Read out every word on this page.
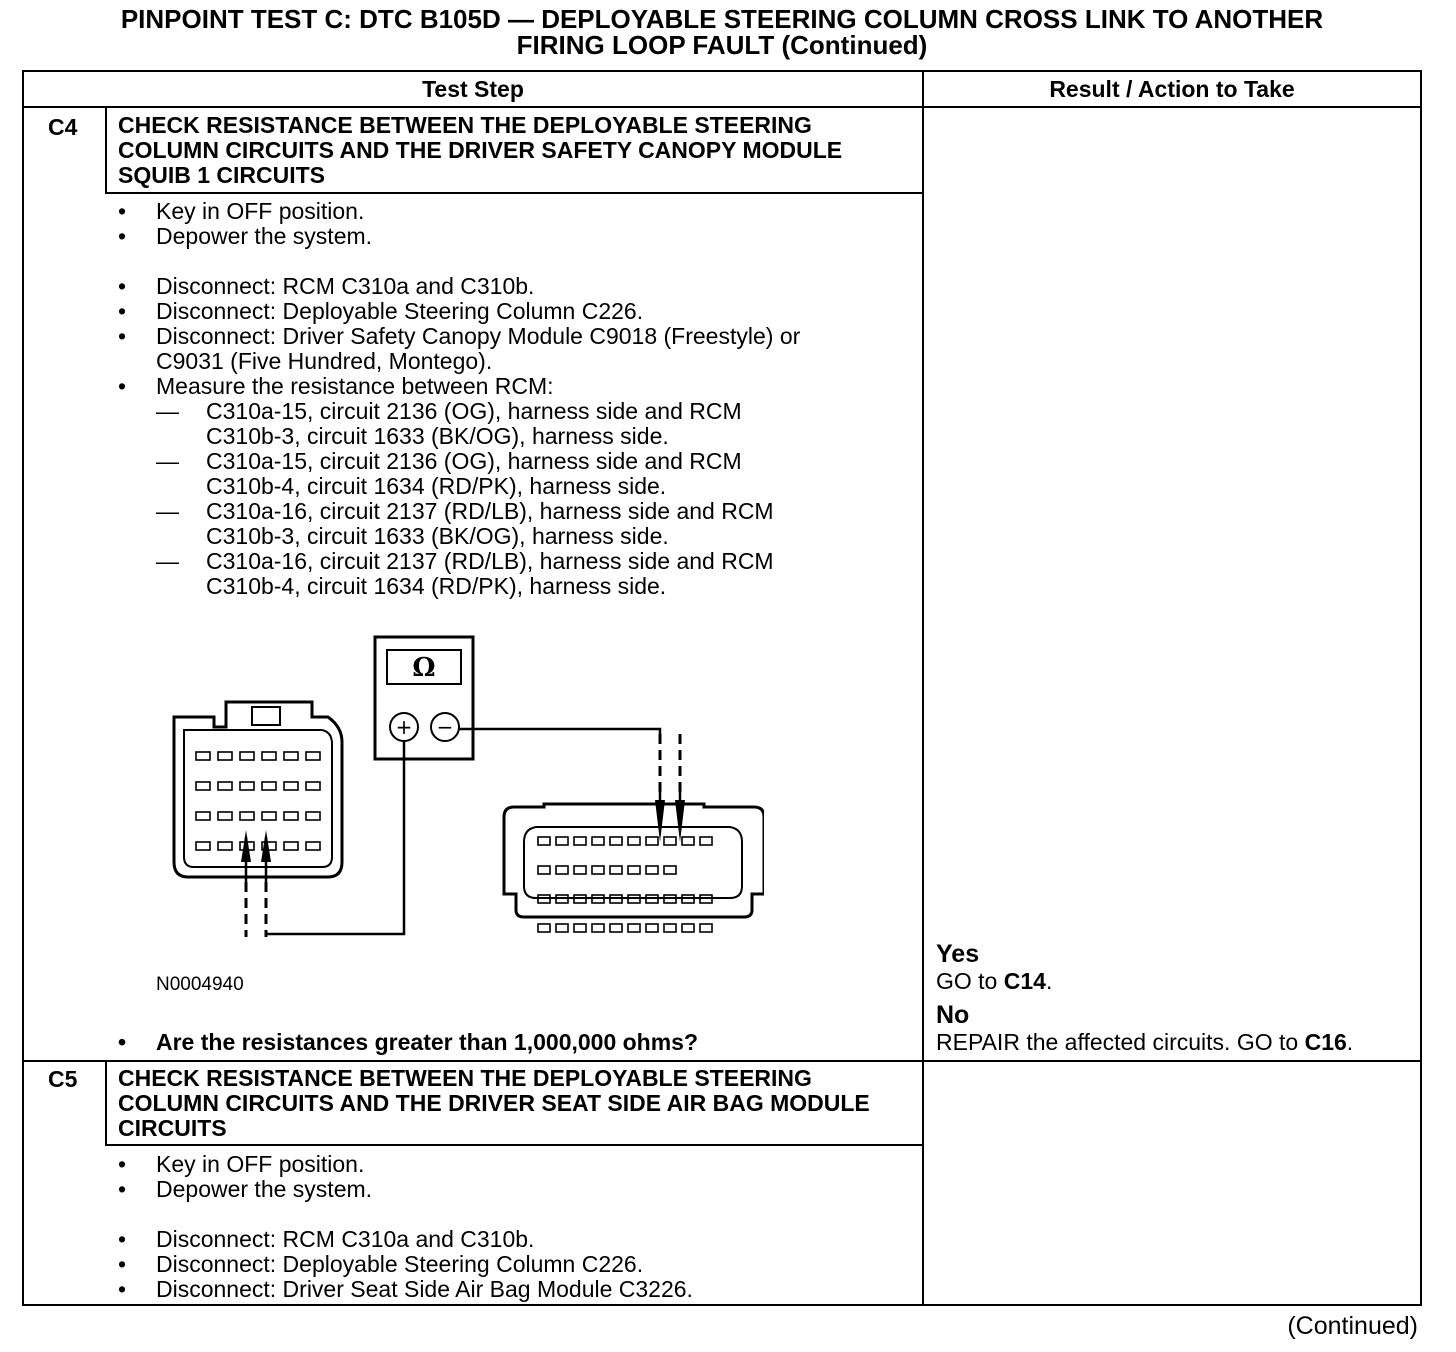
PINPOINT TEST C: DTC B105D — DEPLOYABLE STEERING COLUMN CROSS LINK TO ANOTHER
FIRING LOOP FAULT (Continued)
Test Step	Result / Action to Take
C4 CHECK RESISTANCE BETWEEN THE DEPLOYABLE STEERING COLUMN CIRCUITS AND THE DRIVER SAFETY CANOPY MODULE SQUIB 1 CIRCUITS
• Key in OFF position.
• Depower the system.
• Disconnect: RCM C310a and C310b.
• Disconnect: Deployable Steering Column C226.
• Disconnect: Driver Safety Canopy Module C9018 (Freestyle) or
C9031 (Five Hundred, Montego).
• Measure the resistance between RCM:
— C310a-15, circuit 2136 (OG), harness side and RCM
C310b-3, circuit 1633 (BK/OG), harness side.
— C310a-15, circuit 2136 (OG), harness side and RCM
C310b-4, circuit 1634 (RD/PK), harness side.
— C310a-16, circuit 2137 (RD/LB), harness side and RCM
C310b-3, circuit 1633 (BK/OG), harness side.
— C310a-16, circuit 2137 (RD/LB), harness side and RCM
C310b-4, circuit 1634 (RD/PK), harness side.
Ω
+ −
N0004940
• Are the resistances greater than 1,000,000 ohms?
Yes
GO to C14.
No
REPAIR the affected circuits. GO to C16.
C5 CHECK RESISTANCE BETWEEN THE DEPLOYABLE STEERING COLUMN CIRCUITS AND THE DRIVER SEAT SIDE AIR BAG MODULE CIRCUITS
• Key in OFF position.
• Depower the system.
• Disconnect: RCM C310a and C310b.
• Disconnect: Deployable Steering Column C226.
• Disconnect: Driver Seat Side Air Bag Module C3226.
(Continued)
